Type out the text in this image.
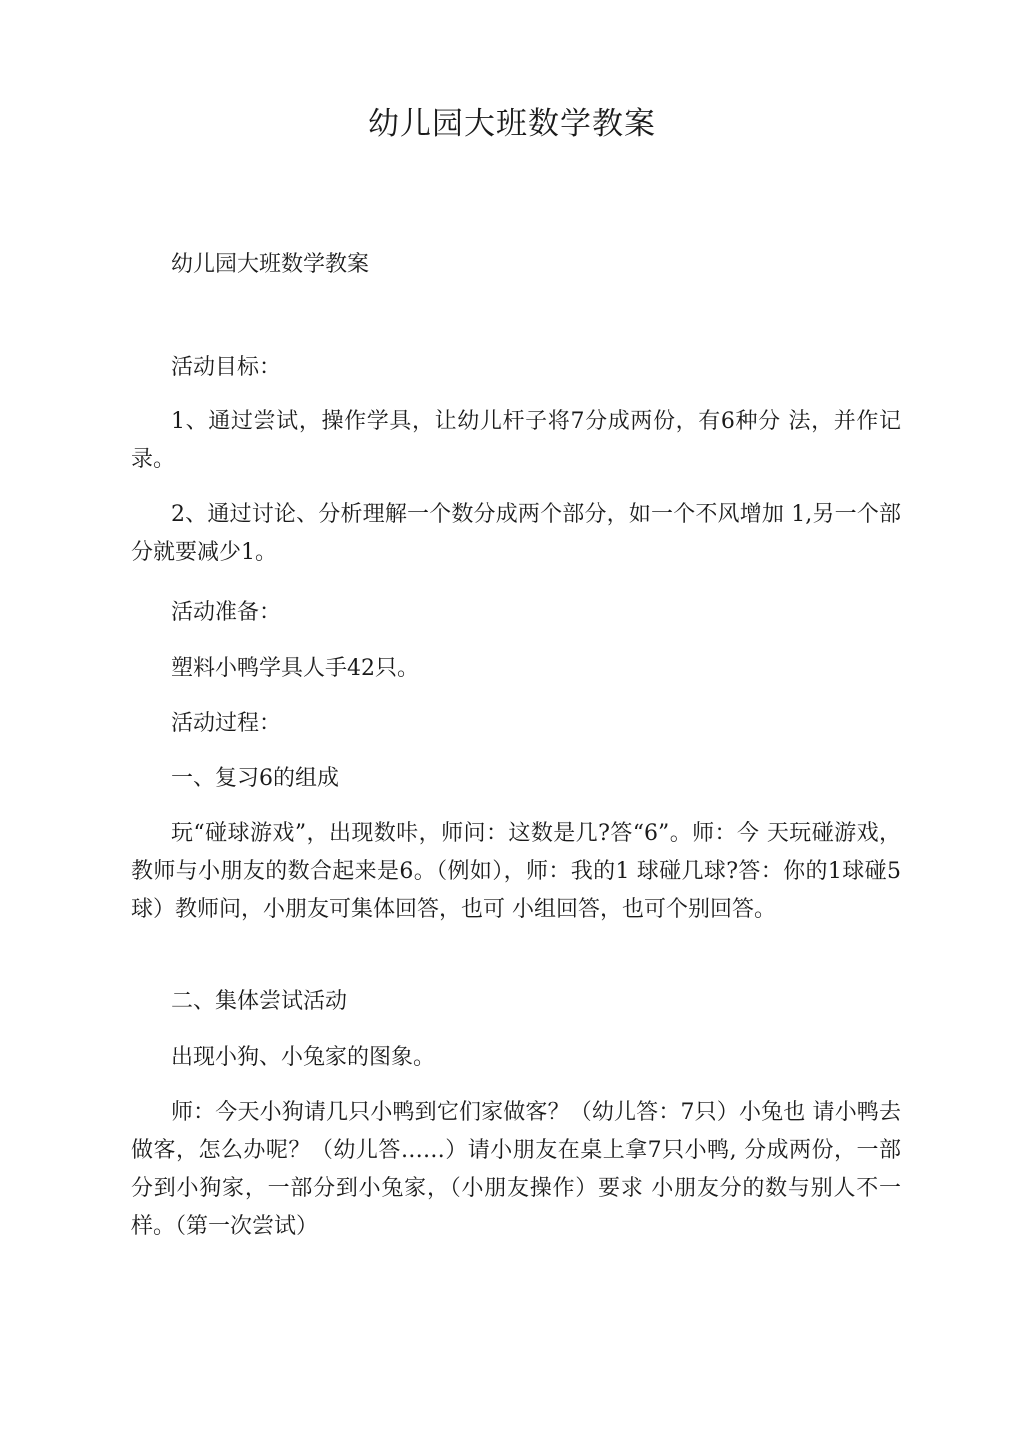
幼儿园大班数学教案

幼儿园大班数学教案

活动目标：

1、通过尝试，操作学具，让幼儿杆子将7分成两份，有6种分 法，并作记录。

2、通过讨论、分析理解一个数分成两个部分，如一个不风增加 1,另一个部分就要减少1。

活动准备：

塑料小鸭学具人手42只。

活动过程：

一、复习6的组成

玩“碰球游戏”，出现数咔，师问：这数是几?答“6”。师：今 天玩碰游戏，教师与小朋友的数合起来是6。（例如），师：我的1 球碰几球?答：你的1球碰5球）教师问，小朋友可集体回答，也可 小组回答，也可个别回答。

二、集体尝试活动

出现小狗、小兔家的图象。

师：今天小狗请几只小鸭到它们家做客？（幼儿答：7只）小兔也 请小鸭去做客，怎么办呢？（幼儿答……）请小朋友在桌上拿7只小鸭, 分成两份，一部分到小狗家，一部分到小兔家，（小朋友操作）要求 小朋友分的数与别人不一样。（第一次尝试）
